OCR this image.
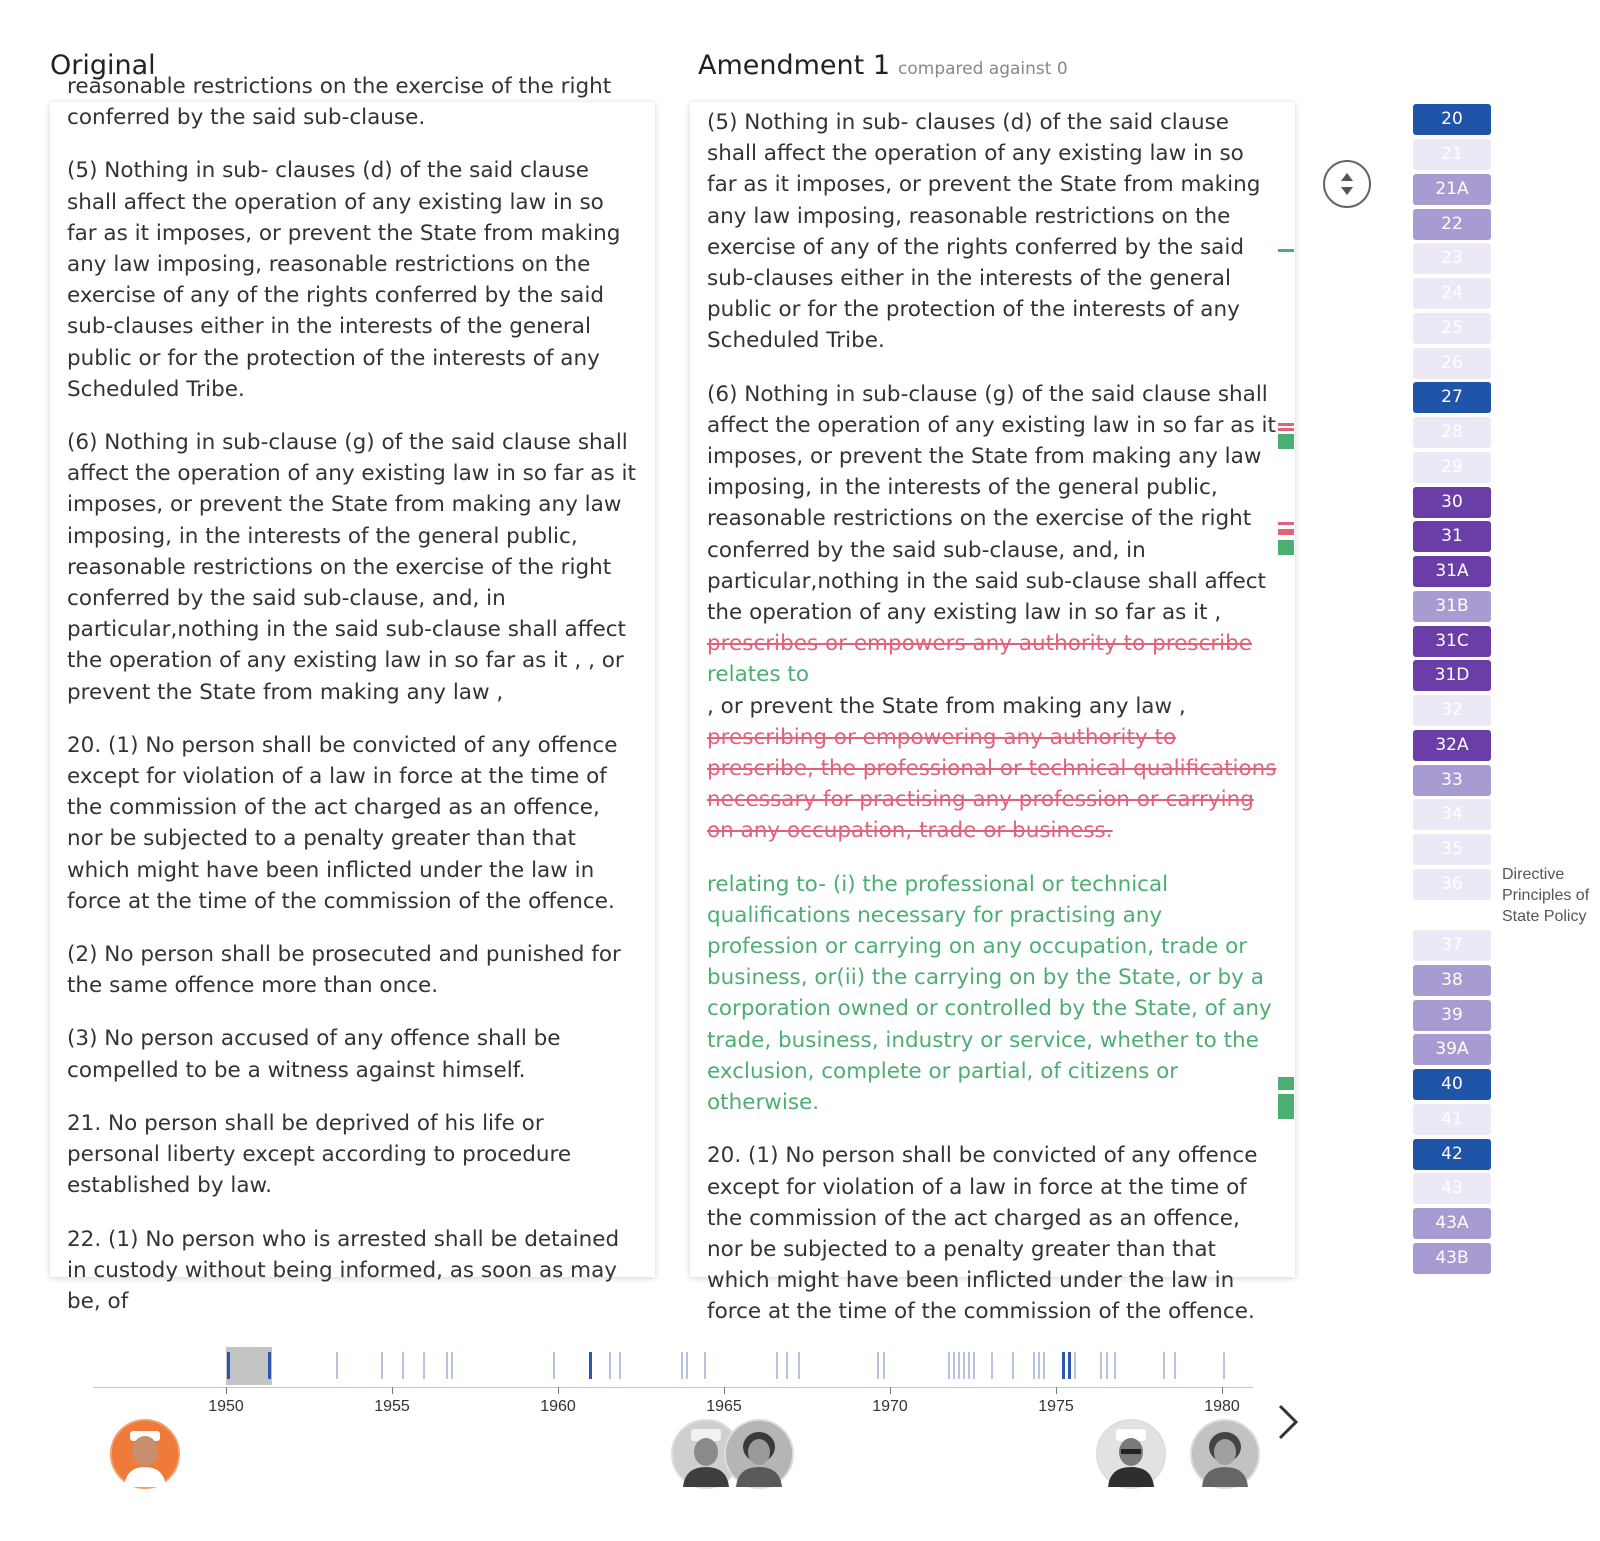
Original	Amendment 1 compared against 0

reasonable restrictions on the exercise of the right conferred by the said sub-clause.

(5) Nothing in sub- clauses (d) of the said clause shall affect the operation of any existing law in so far as it imposes, or prevent the State from making any law imposing, reasonable restrictions on the exercise of any of the rights conferred by the said sub-clauses either in the interests of the general public or for the protection of the interests of any Scheduled Tribe.

(6) Nothing in sub-clause (g) of the said clause shall affect the operation of any existing law in so far as it imposes, or prevent the State from making any law imposing, in the interests of the general public, reasonable restrictions on the exercise of the right conferred by the said sub-clause, and, in particular,nothing in the said sub-clause shall affect the operation of any existing law in so far as it , , or prevent the State from making any law ,

20. (1) No person shall be convicted of any offence except for violation of a law in force at the time of the commission of the act charged as an offence, nor be subjected to a penalty greater than that which might have been inflicted under the law in force at the time of the commission of the offence.

(2) No person shall be prosecuted and punished for the same offence more than once.

(3) No person accused of any offence shall be compelled to be a witness against himself.

21. No person shall be deprived of his life or personal liberty except according to procedure established by law.

22. (1) No person who is arrested shall be detained in custody without being informed, as soon as may be, of

(5) Nothing in sub- clauses (d) of the said clause shall affect the operation of any existing law in so far as it imposes, or prevent the State from making any law imposing, reasonable restrictions on the exercise of any of the rights conferred by the said sub-clauses either in the interests of the general public or for the protection of the interests of any Scheduled Tribe.

(6) Nothing in sub-clause (g) of the said clause shall affect the operation of any existing law in so far as it imposes, or prevent the State from making any law imposing, in the interests of the general public, reasonable restrictions on the exercise of the right conferred by the said sub-clause, and, in particular,nothing in the said sub-clause shall affect the operation of any existing law in so far as it ,
prescribes or empowers any authority to prescribe
relates to
, or prevent the State from making any law ,
prescribing or empowering any authority to prescribe, the professional or technical qualifications necessary for practising any profession or carrying on any occupation, trade or business.

relating to- (i) the professional or technical qualifications necessary for practising any profession or carrying on any occupation, trade or business, or(ii) the carrying on by the State, or by a corporation owned or controlled by the State, of any trade, business, industry or service, whether to the exclusion, complete or partial, of citizens or otherwise.

20. (1) No person shall be convicted of any offence except for violation of a law in force at the time of the commission of the act charged as an offence, nor be subjected to a penalty greater than that which might have been inflicted under the law in force at the time of the commission of the offence.

20
21
21A
22
23
24
25
26
27
28
29
30
31
31A
31B
31C
31D
32
32A
33
34
35
36
37
38
39
39A
40
41
42
43
43A
43B
Directive Principles of State Policy
1950	1955	1960	1965	1970	1975	1980
